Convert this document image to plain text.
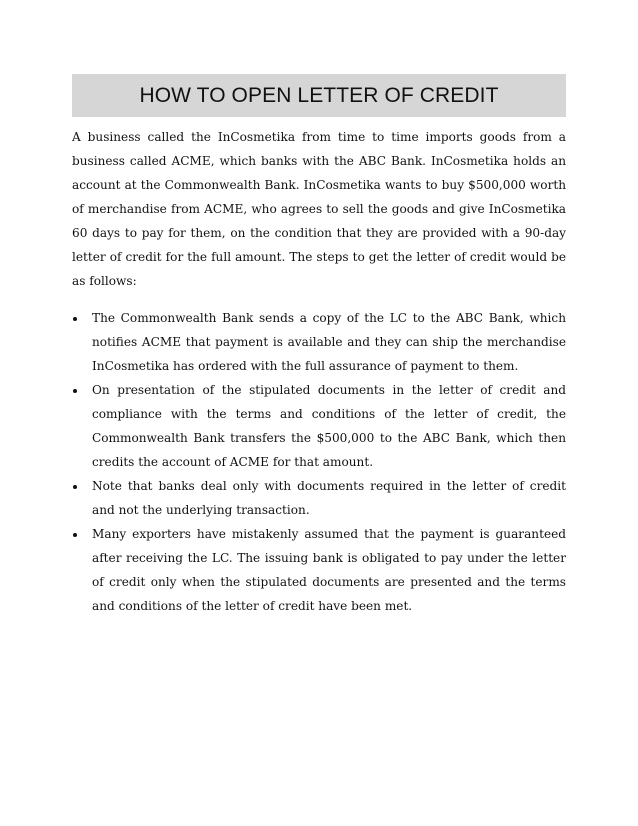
HOW TO OPEN LETTER OF CREDIT

A business called the InCosmetika from time to time imports goods from a business called ACME, which banks with the ABC Bank. InCosmetika holds an account at the Commonwealth Bank. InCosmetika wants to buy $500,000 worth of merchandise from ACME, who agrees to sell the goods and give InCosmetika 60 days to pay for them, on the condition that they are provided with a 90-day letter of credit for the full amount. The steps to get the letter of credit would be as follows:

The Commonwealth Bank sends a copy of the LC to the ABC Bank, which notifies ACME that payment is available and they can ship the merchandise InCosmetika has ordered with the full assurance of payment to them.
On presentation of the stipulated documents in the letter of credit and compliance with the terms and conditions of the letter of credit, the Commonwealth Bank transfers the $500,000 to the ABC Bank, which then credits the account of ACME for that amount.
Note that banks deal only with documents required in the letter of credit and not the underlying transaction.
Many exporters have mistakenly assumed that the payment is guaranteed after receiving the LC. The issuing bank is obligated to pay under the letter of credit only when the stipulated documents are presented and the terms and conditions of the letter of credit have been met.
